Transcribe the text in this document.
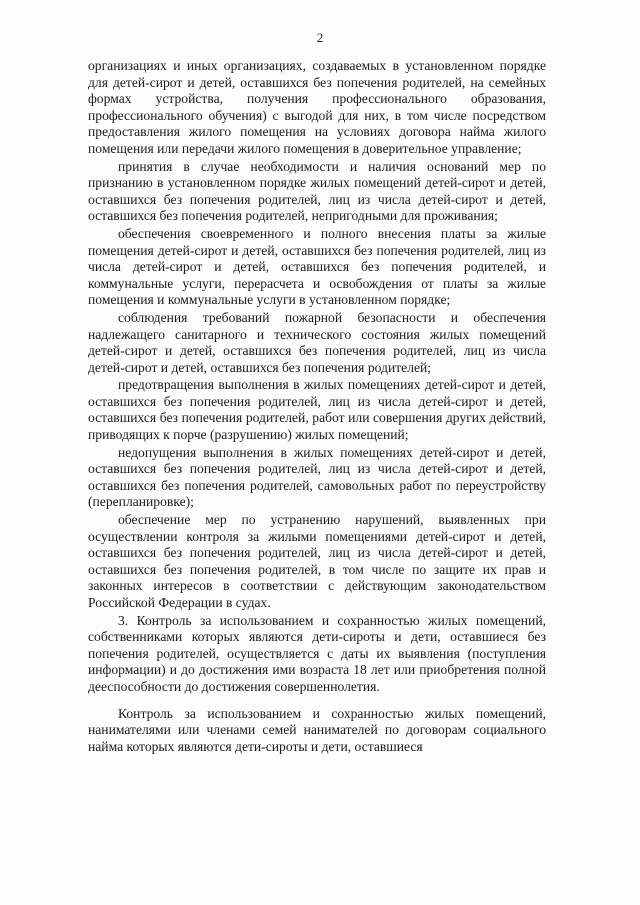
2

организациях и иных организациях, создаваемых в установленном порядке для детей-сирот и детей, оставшихся без попечения родителей, на семейных формах устройства, получения профессионального образования, профессионального обучения) с выгодой для них, в том числе посредством предоставления жилого помещения на условиях договора найма жилого помещения или передачи жилого помещения в доверительное управление;

принятия в случае необходимости и наличия оснований мер по признанию в установленном порядке жилых помещений детей-сирот и детей, оставшихся без попечения родителей, лиц из числа детей-сирот и детей, оставшихся без попечения родителей, непригодными для проживания;

обеспечения своевременного и полного внесения платы за жилые помещения детей-сирот и детей, оставшихся без попечения родителей, лиц из числа детей-сирот и детей, оставшихся без попечения родителей, и коммунальные услуги, перерасчета и освобождения от платы за жилые помещения и коммунальные услуги в установленном порядке;

соблюдения требований пожарной безопасности и обеспечения надлежащего санитарного и технического состояния жилых помещений детей-сирот и детей, оставшихся без попечения родителей, лиц из числа детей-сирот и детей, оставшихся без попечения родителей;

предотвращения выполнения в жилых помещениях детей-сирот и детей, оставшихся без попечения родителей, лиц из числа детей-сирот и детей, оставшихся без попечения родителей, работ или совершения других действий, приводящих к порче (разрушению) жилых помещений;

недопущения выполнения в жилых помещениях детей-сирот и детей, оставшихся без попечения родителей, лиц из числа детей-сирот и детей, оставшихся без попечения родителей, самовольных работ по переустройству (перепланировке);

обеспечение мер по устранению нарушений, выявленных при осуществлении контроля за жилыми помещениями детей-сирот и детей, оставшихся без попечения родителей, лиц из числа детей-сирот и детей, оставшихся без попечения родителей, в том числе по защите их прав и законных интересов в соответствии с действующим законодательством Российской Федерации в судах.

3. Контроль за использованием и сохранностью жилых помещений, собственниками которых являются дети-сироты и дети, оставшиеся без попечения родителей, осуществляется с даты их выявления (поступления информации) и до достижения ими возраста 18 лет или приобретения полной дееспособности до достижения совершеннолетия.

Контроль за использованием и сохранностью жилых помещений, нанимателями или членами семей нанимателей по договорам социального найма которых являются дети-сироты и дети, оставшиеся
